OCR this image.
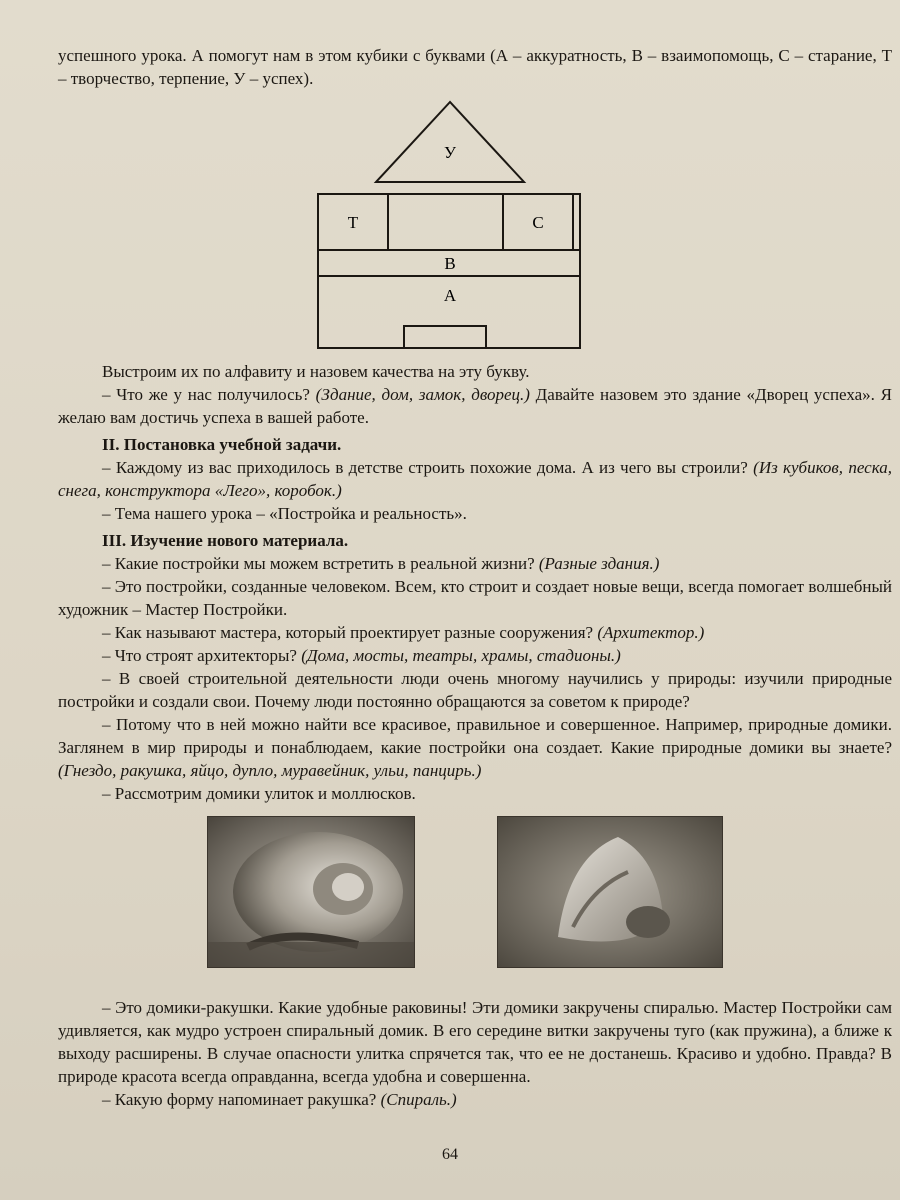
успешного урока. А помогут нам в этом кубики с буквами (А – аккуратность, В – взаимопомощь, С – старание, Т – творчество, терпение, У – успех).

У
Т	С
В
А

Выстроим их по алфавиту и назовем качества на эту букву.

– Что же у нас получилось? (Здание, дом, замок, дворец.) Давайте назовем это здание «Дворец успеха». Я желаю вам достичь успеха в вашей работе.

II. Постановка учебной задачи.

– Каждому из вас приходилось в детстве строить похожие дома. А из чего вы строили? (Из кубиков, песка, снега, конструктора «Лего», коробок.)

– Тема нашего урока – «Постройка и реальность».

III. Изучение нового материала.

– Какие постройки мы можем встретить в реальной жизни? (Разные здания.)

– Это постройки, созданные человеком. Всем, кто строит и создает новые вещи, всегда помогает волшебный художник – Мастер Постройки.

– Как называют мастера, который проектирует разные сооружения? (Архитектор.)

– Что строят архитекторы? (Дома, мосты, театры, храмы, стадионы.)

– В своей строительной деятельности люди очень многому научились у природы: изучили природные постройки и создали свои. Почему люди постоянно обращаются за советом к природе?

– Потому что в ней можно найти все красивое, правильное и совершенное. Например, природные домики. Заглянем в мир природы и понаблюдаем, какие постройки она создает. Какие природные домики вы знаете? (Гнездо, ракушка, яйцо, дупло, муравейник, ульи, панцирь.)

– Рассмотрим домики улиток и моллюсков.

– Это домики-ракушки. Какие удобные раковины! Эти домики закручены спиралью. Мастер Постройки сам удивляется, как мудро устроен спиральный домик. В его середине витки закручены туго (как пружина), а ближе к выходу расширены. В случае опасности улитка спрячется так, что ее не достанешь. Красиво и удобно. Правда? В природе красота всегда оправданна, всегда удобна и совершенна.

– Какую форму напоминает ракушка? (Спираль.)

64
